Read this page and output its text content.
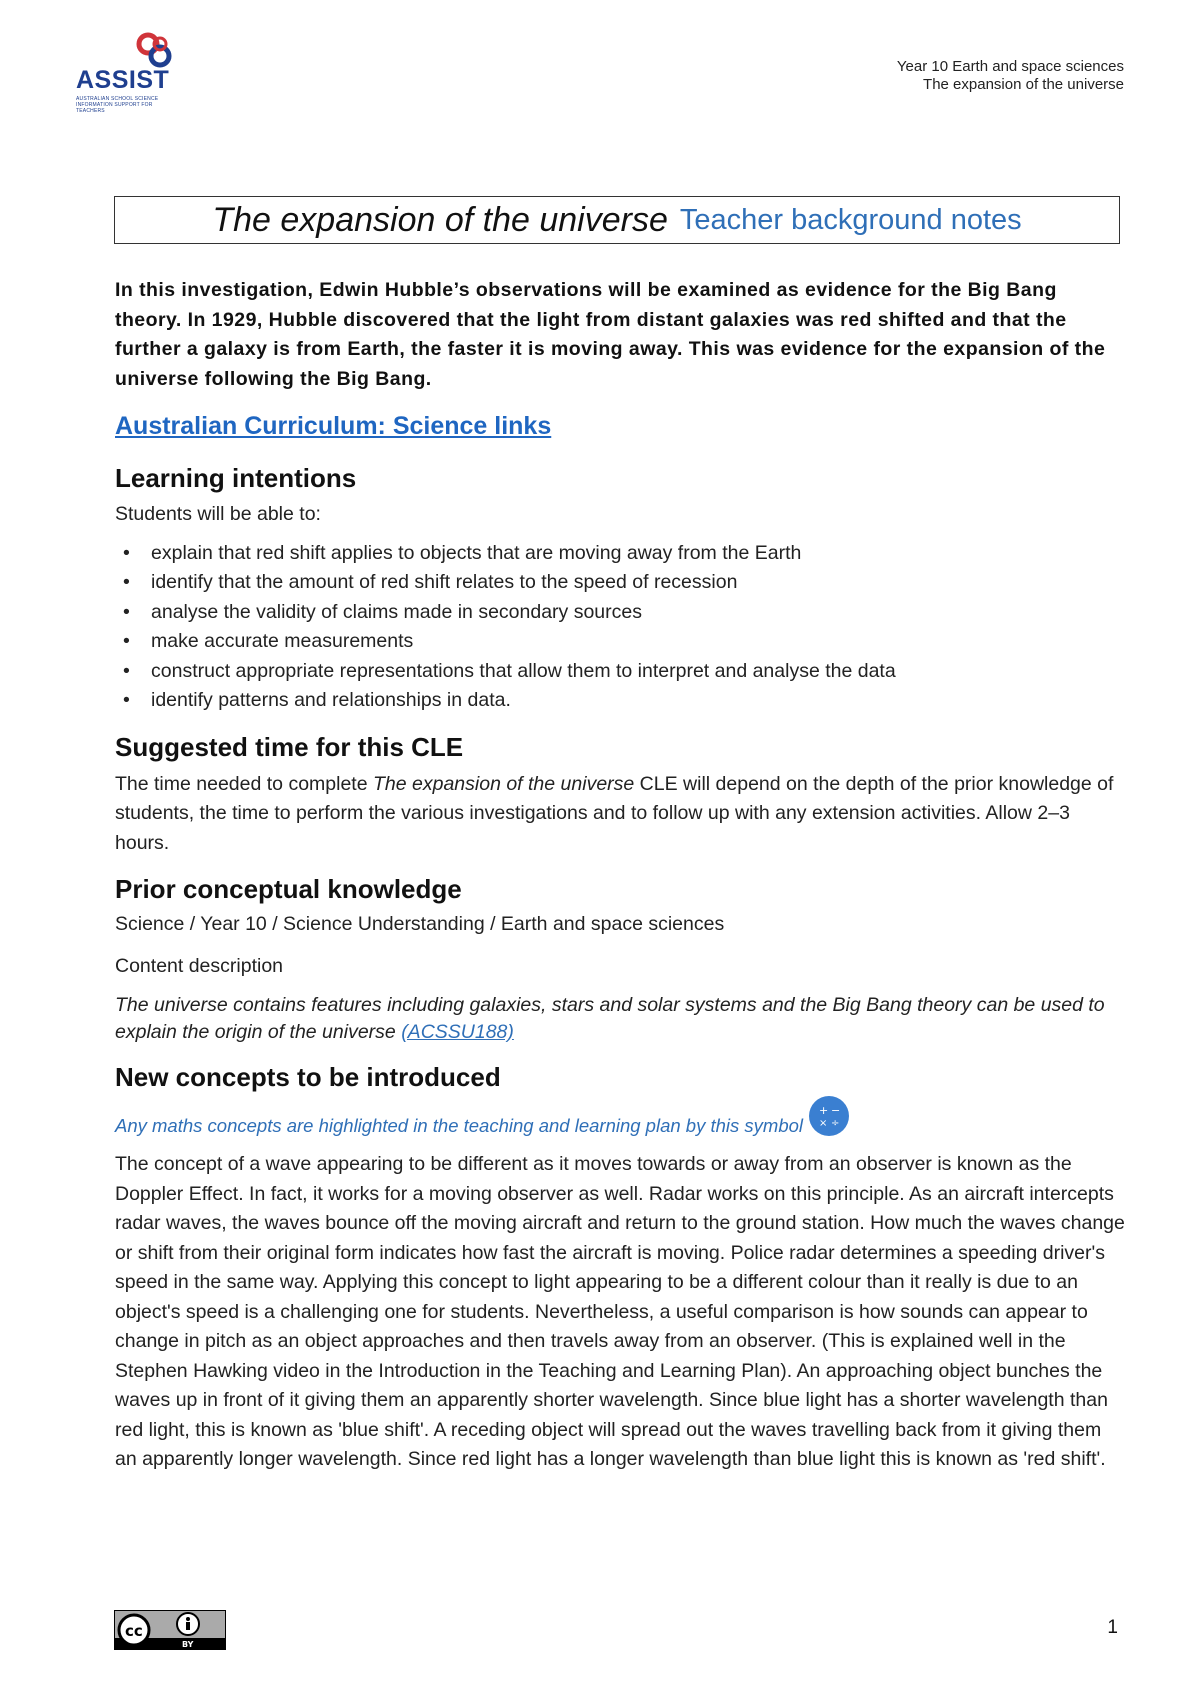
ASSIST
AUSTRALIAN SCHOOL SCIENCE INFORMATION SUPPORT FOR TEACHERS
Year 10 Earth and space sciences
The expansion of the universe
The expansion of the universe Teacher background notes

In this investigation, Edwin Hubble’s observations will be examined as evidence for the Big Bang theory. In 1929, Hubble discovered that the light from distant galaxies was red shifted and that the further a galaxy is from Earth, the faster it is moving away. This was evidence for the expansion of the universe following the Big Bang.

Australian Curriculum: Science links
Learning intentions

Students will be able to:

• explain that red shift applies to objects that are moving away from the Earth
• identify that the amount of red shift relates to the speed of recession
• analyse the validity of claims made in secondary sources
• make accurate measurements
• construct appropriate representations that allow them to interpret and analyse the data
• identify patterns and relationships in data.
Suggested time for this CLE

The time needed to complete The expansion of the universe CLE will depend on the depth of the prior knowledge of students, the time to perform the various investigations and to follow up with any extension activities. Allow 2–3 hours.

Prior conceptual knowledge

Science / Year 10 / Science Understanding / Earth and space sciences

Content description

The universe contains features including galaxies, stars and solar systems and the Big Bang theory can be used to explain the origin of the universe (ACSSU188)

New concepts to be introduced
Any maths concepts are highlighted in the teaching and learning plan by this symbol
+ −
× ÷

The concept of a wave appearing to be different as it moves towards or away from an observer is known as the Doppler Effect. In fact, it works for a moving observer as well. Radar works on this principle. As an aircraft intercepts radar waves, the waves bounce off the moving aircraft and return to the ground station. How much the waves change or shift from their original form indicates how fast the aircraft is moving. Police radar determines a speeding driver's speed in the same way. Applying this concept to light appearing to be a different colour than it really is due to an object's speed is a challenging one for students. Nevertheless, a useful comparison is how sounds can appear to change in pitch as an object approaches and then travels away from an observer. (This is explained well in the Stephen Hawking video in the Introduction in the Teaching and Learning Plan). An approaching object bunches the waves up in front of it giving them an apparently shorter wavelength. Since blue light has a shorter wavelength than red light, this is known as 'blue shift'. A receding object will spread out the waves travelling back from it giving them an apparently longer wavelength. Since red light has a longer wavelength than blue light this is known as 'red shift'.

cc
BY
1
